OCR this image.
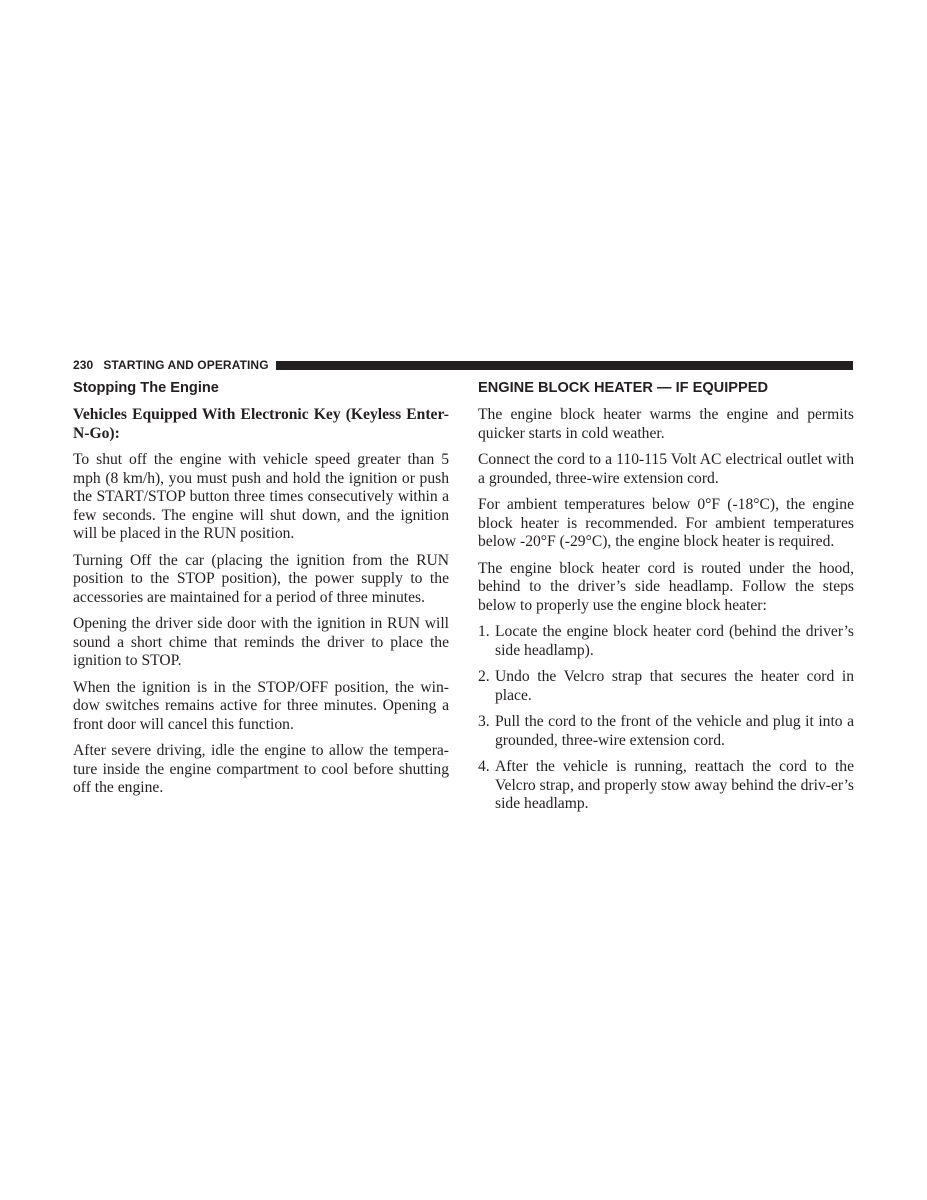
230 STARTING AND OPERATING
Stopping The Engine
Vehicles Equipped With Electronic Key (Keyless Enter-N-Go):

To shut off the engine with vehicle speed greater than 5 mph (8 km/h), you must push and hold the ignition or push the START/STOP button three times consecutively within a few seconds. The engine will shut down, and the ignition will be placed in the RUN position.

Turning Off the car (placing the ignition from the RUN position to the STOP position), the power supply to the accessories are maintained for a period of three minutes.

Opening the driver side door with the ignition in RUN will sound a short chime that reminds the driver to place the ignition to STOP.

When the ignition is in the STOP/OFF position, the win-dow switches remains active for three minutes. Opening a front door will cancel this function.

After severe driving, idle the engine to allow the tempera-ture inside the engine compartment to cool before shutting off the engine.

ENGINE BLOCK HEATER — IF EQUIPPED

The engine block heater warms the engine and permits quicker starts in cold weather.

Connect the cord to a 110-115 Volt AC electrical outlet with a grounded, three-wire extension cord.

For ambient temperatures below 0°F (-18°C), the engine block heater is recommended. For ambient temperatures below -20°F (-29°C), the engine block heater is required.

The engine block heater cord is routed under the hood, behind to the driver’s side headlamp. Follow the steps below to properly use the engine block heater:

1. Locate the engine block heater cord (behind the driver’s side headlamp).
2. Undo the Velcro strap that secures the heater cord in place.
3. Pull the cord to the front of the vehicle and plug it into a grounded, three-wire extension cord.
4. After the vehicle is running, reattach the cord to the Velcro strap, and properly stow away behind the driv-er’s side headlamp.
